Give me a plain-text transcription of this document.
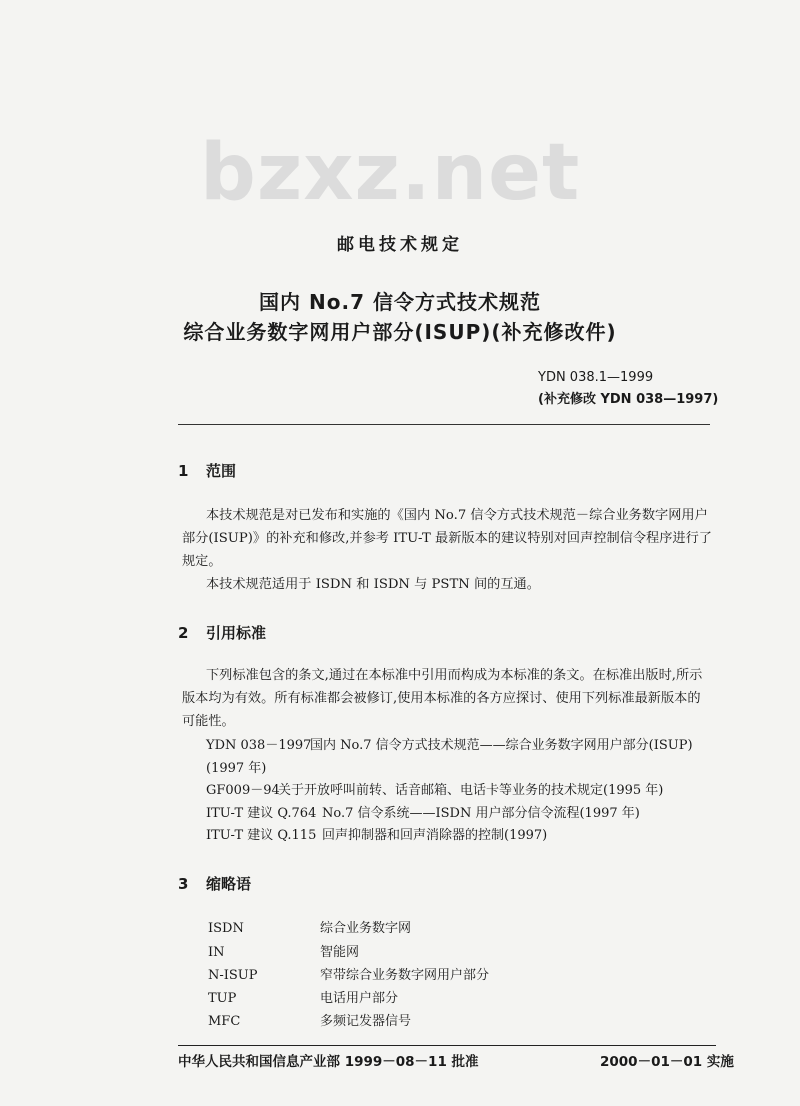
bzxz.net
邮电技术规定
国内 No.7 信令方式技术规范
综合业务数字网用户部分(ISUP)(补充修改件)
YDN 038.1—1999
(补充修改 YDN 038—1997)
1 范围

本技术规范是对已发布和实施的《国内 No.7 信令方式技术规范－综合业务数字网用户部分(ISUP)》的补充和修改,并参考 ITU-T 最新版本的建议特别对回声控制信令程序进行了规定。

本技术规范适用于 ISDN 和 ISDN 与 PSTN 间的互通。

2 引用标准

下列标准包含的条文,通过在本标准中引用而构成为本标准的条文。在标准出版时,所示版本均为有效。所有标准都会被修订,使用本标准的各方应探讨、使用下列标准最新版本的可能性。

YDN 038－1997国内 No.7 信令方式技术规范——综合业务数字网用户部分(ISUP)
(1997 年)
GF009－94关于开放呼叫前转、话音邮箱、电话卡等业务的技术规定(1995 年)
ITU-T 建议 Q.764 No.7 信令系统——ISDN 用户部分信令流程(1997 年)
ITU-T 建议 Q.115 回声抑制器和回声消除器的控制(1997)
3 缩略语
ISDN	综合业务数字网
IN	智能网
N-ISUP	窄带综合业务数字网用户部分
TUP	电话用户部分
MFC	多频记发器信号
中华人民共和国信息产业部 1999－08－11 批准	2000－01－01 实施
